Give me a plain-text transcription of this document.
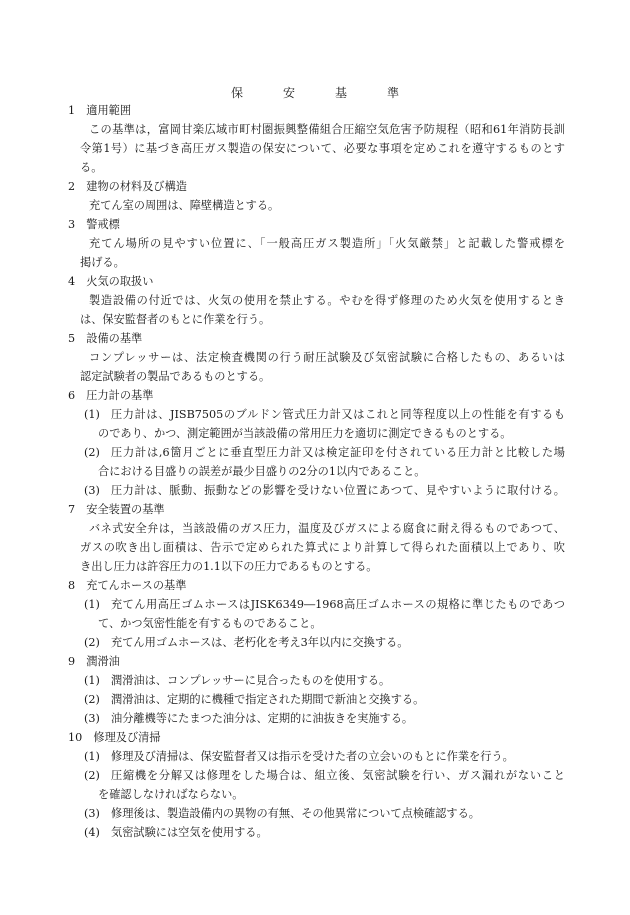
保	安	基	準
1　適用範囲
この基準は，富岡甘楽広域市町村圏振興整備組合圧縮空気危害予防規程（昭和61年消防長訓
令第1号）に基づき高圧ガス製造の保安について、必要な事項を定めこれを遵守するものとす
る。
2　建物の材料及び構造
充てん室の周囲は、障壁構造とする。
3　警戒標
充てん場所の見やすい位置に、「一般高圧ガス製造所」「火気厳禁」と記載した警戒標を
掲げる。
4　火気の取扱い
製造設備の付近では、火気の使用を禁止する。やむを得ず修理のため火気を使用するとき
は、保安監督者のもとに作業を行う。
5　設備の基準
コンプレッサーは、法定検査機関の行う耐圧試験及び気密試験に合格したもの、あるいは
認定試験者の製品であるものとする。
6　圧力計の基準
(1) 圧力計は、JISB7505のブルドン管式圧力計又はこれと同等程度以上の性能を有するも
のであり、かつ、測定範囲が当該設備の常用圧力を適切に測定できるものとする。
(2) 圧力計は,6箇月ごとに垂直型圧力計又は検定証印を付されている圧力計と比較した場
合における目盛りの誤差が最少目盛りの2分の1以内であること。
(3) 圧力計は、脈動、振動などの影響を受けない位置にあつて、見やすいように取付ける。
7　安全装置の基準
バネ式安全弁は，当該設備のガス圧力，温度及びガスによる腐食に耐え得るものであつて、
ガスの吹き出し面積は、告示で定められた算式により計算して得られた面積以上であり、吹
き出し圧力は許容圧力の1.1以下の圧力であるものとする。
8　充てんホースの基準
(1) 充てん用高圧ゴムホースはJISK6349―1968高圧ゴムホースの規格に準じたものであつ
て、かつ気密性能を有するものであること。
(2) 充てん用ゴムホースは、老朽化を考え3年以内に交換する。
9　潤滑油
(1) 潤滑油は、コンプレッサーに見合ったものを使用する。
(2) 潤滑油は、定期的に機種で指定された期間で新油と交換する。
(3) 油分離機等にたまつた油分は、定期的に油抜きを実施する。
10　修理及び清掃
(1) 修理及び清掃は、保安監督者又は指示を受けた者の立会いのもとに作業を行う。
(2) 圧縮機を分解又は修理をした場合は、組立後、気密試験を行い、ガス漏れがないこと
を確認しなければならない。
(3) 修理後は、製造設備内の異物の有無、その他異常について点検確認する。
(4) 気密試験には空気を使用する。
